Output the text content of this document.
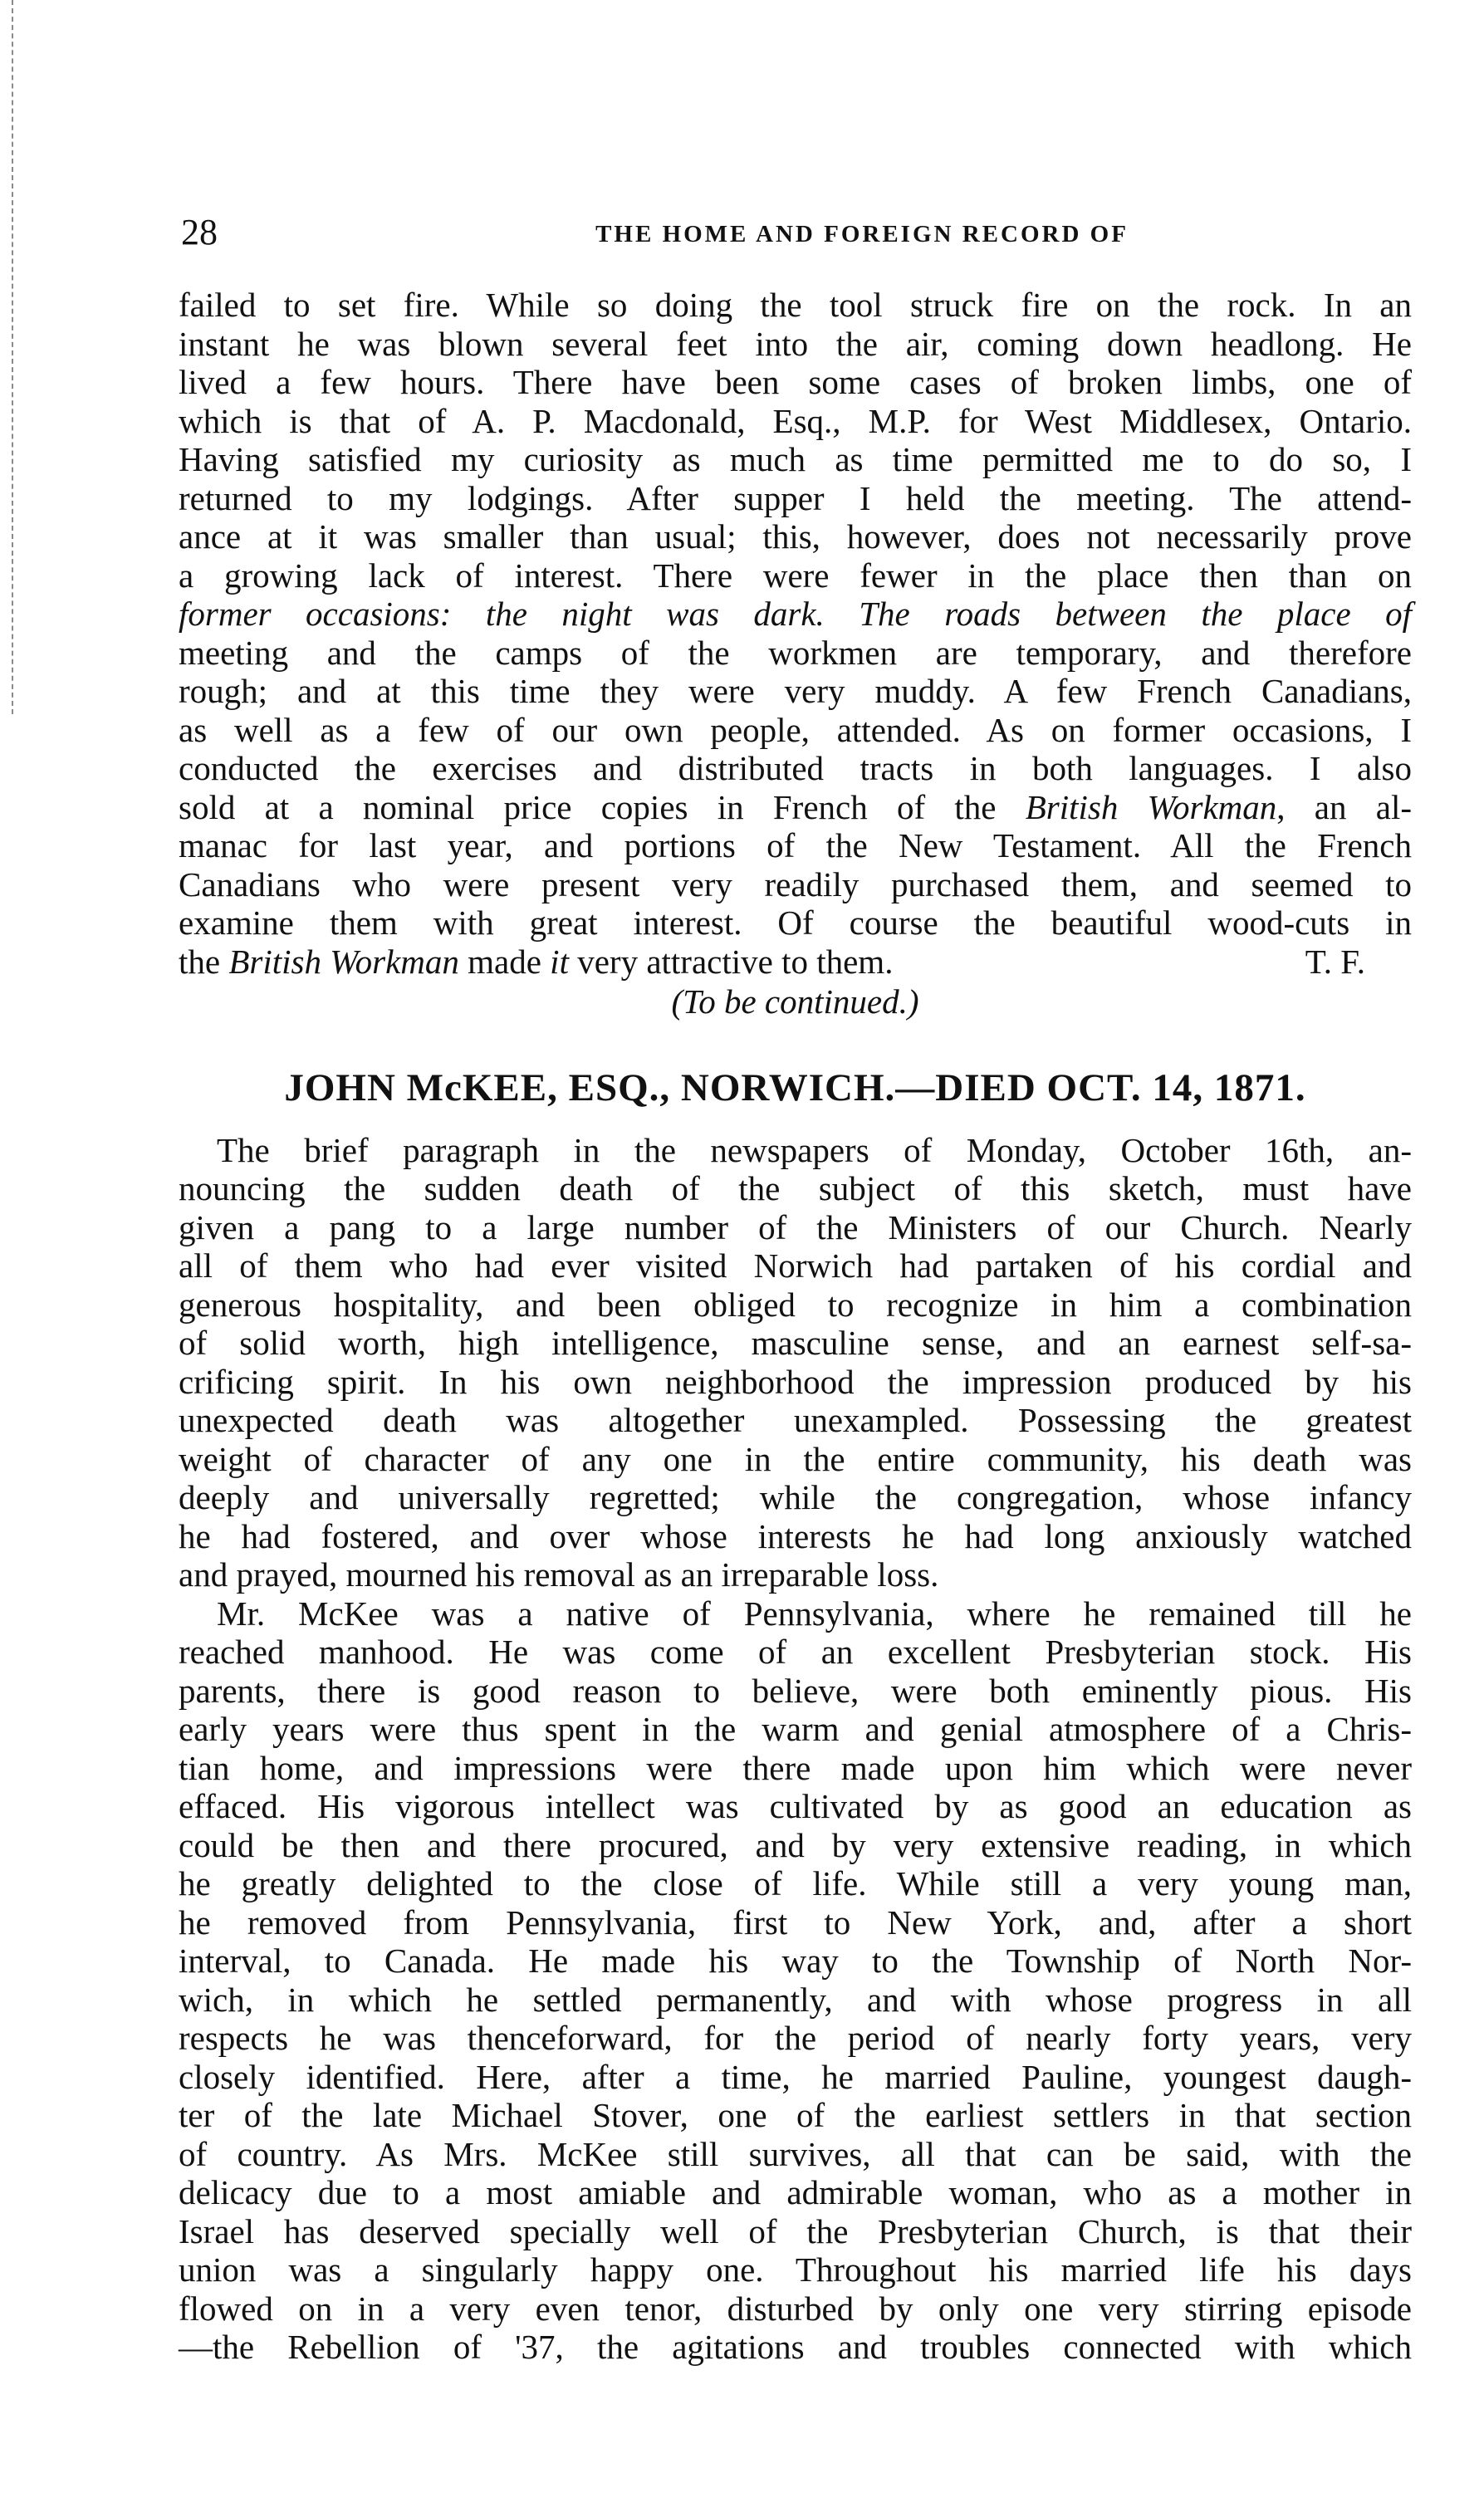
28	THE HOME AND FOREIGN RECORD OF
failed to set fire. While so doing the tool struck fire on the rock. In an
instant he was blown several feet into the air, coming down headlong. He
lived a few hours. There have been some cases of broken limbs, one of
which is that of A. P. Macdonald, Esq., M.P. for West Middlesex, Ontario.
Having satisfied my curiosity as much as time permitted me to do so, I
returned to my lodgings. After supper I held the meeting. The attend-
ance at it was smaller than usual; this, however, does not necessarily prove
a growing lack of interest. There were fewer in the place then than on
former occasions: the night was dark. The roads between the place of
meeting and the camps of the workmen are temporary, and therefore
rough; and at this time they were very muddy. A few French Canadians,
as well as a few of our own people, attended. As on former occasions, I
conducted the exercises and distributed tracts in both languages. I also
sold at a nominal price copies in French of the British Workman, an al-
manac for last year, and portions of the New Testament. All the French
Canadians who were present very readily purchased them, and seemed to
examine them with great interest. Of course the beautiful wood-cuts in
the British Workman made it very attractive to them.	T. F.
(To be continued.)
JOHN McKEE, ESQ., NORWICH.—DIED OCT. 14, 1871.
The brief paragraph in the newspapers of Monday, October 16th, an-
nouncing the sudden death of the subject of this sketch, must have
given a pang to a large number of the Ministers of our Church. Nearly
all of them who had ever visited Norwich had partaken of his cordial and
generous hospitality, and been obliged to recognize in him a combination
of solid worth, high intelligence, masculine sense, and an earnest self-sa-
crificing spirit. In his own neighborhood the impression produced by his
unexpected death was altogether unexampled. Possessing the greatest
weight of character of any one in the entire community, his death was
deeply and universally regretted; while the congregation, whose infancy
he had fostered, and over whose interests he had long anxiously watched
and prayed, mourned his removal as an irreparable loss.
Mr. McKee was a native of Pennsylvania, where he remained till he
reached manhood. He was come of an excellent Presbyterian stock. His
parents, there is good reason to believe, were both eminently pious. His
early years were thus spent in the warm and genial atmosphere of a Chris-
tian home, and impressions were there made upon him which were never
effaced. His vigorous intellect was cultivated by as good an education as
could be then and there procured, and by very extensive reading, in which
he greatly delighted to the close of life. While still a very young man,
he removed from Pennsylvania, first to New York, and, after a short
interval, to Canada. He made his way to the Township of North Nor-
wich, in which he settled permanently, and with whose progress in all
respects he was thenceforward, for the period of nearly forty years, very
closely identified. Here, after a time, he married Pauline, youngest daugh-
ter of the late Michael Stover, one of the earliest settlers in that section
of country. As Mrs. McKee still survives, all that can be said, with the
delicacy due to a most amiable and admirable woman, who as a mother in
Israel has deserved specially well of the Presbyterian Church, is that their
union was a singularly happy one. Throughout his married life his days
flowed on in a very even tenor, disturbed by only one very stirring episode
—the Rebellion of '37, the agitations and troubles connected with which
